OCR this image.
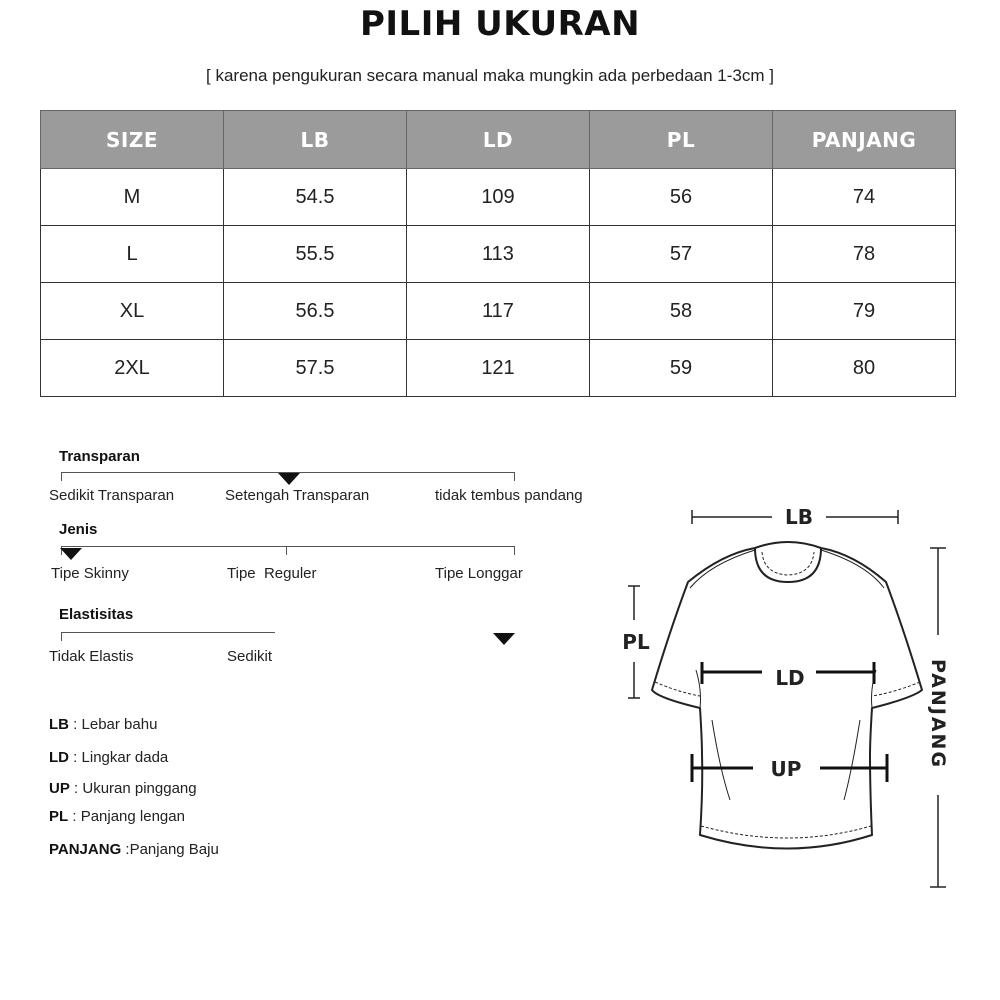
PILIH UKURAN
[ karena pengukuran secara manual maka mungkin ada perbedaan 1-3cm ]
SIZE	LB	LD	PL	PANJANG
M	54.5	109	56	74
L	55.5	113	57	78
XL	56.5	117	58	79
2XL	57.5	121	59	80
Transparan
Sedikit Transparan	Setengah Transparan	tidak tembus pandang
Jenis
Tipe Skinny	Tipe  Reguler	Tipe Longgar
Elastisitas
Tidak Elastis	Sedikit
LB : Lebar bahu
LD : Lingkar dada
UP : Ukuran pinggang
PL : Panjang lengan
PANJANG :Panjang Baju
LB
LD
UP
PL
PANJANG
